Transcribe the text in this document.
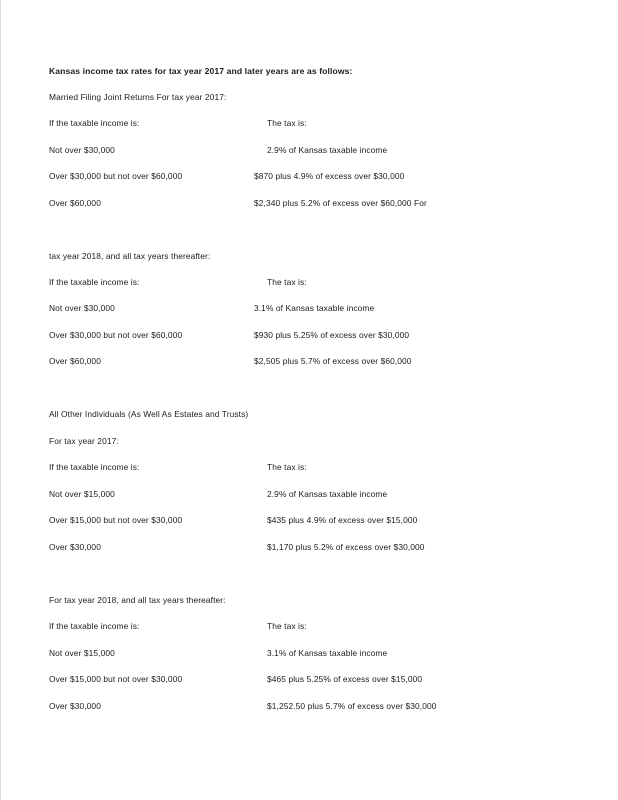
Kansas income tax rates for tax year 2017 and later years are as follows:
Married Filing Joint Returns For tax year 2017:
If the taxable income is:	The tax is:
Not over $30,000	2.9% of Kansas taxable income
Over $30,000 but not over $60,000	$870 plus 4.9% of excess over $30,000
Over $60,000	$2,340 plus 5.2% of excess over $60,000 For
tax year 2018, and all tax years thereafter:
If the taxable income is:	The tax is:
Not over $30,000	3.1% of Kansas taxable income
Over $30,000 but not over $60,000	$930 plus 5.25% of excess over $30,000
Over $60,000	$2,505 plus 5.7% of excess over $60,000
All Other Individuals (As Well As Estates and Trusts)
For tax year 2017:
If the taxable income is:	The tax is:
Not over $15,000	2.9% of Kansas taxable income
Over $15,000 but not over $30,000	$435 plus 4.9% of excess over $15,000
Over $30,000	$1,170 plus 5.2% of excess over $30,000
For tax year 2018, and all tax years thereafter:
If the taxable income is:	The tax is:
Not over $15,000	3.1% of Kansas taxable income
Over $15,000 but not over $30,000	$465 plus 5.25% of excess over $15,000
Over $30,000	$1,252.50 plus 5.7% of excess over $30,000
